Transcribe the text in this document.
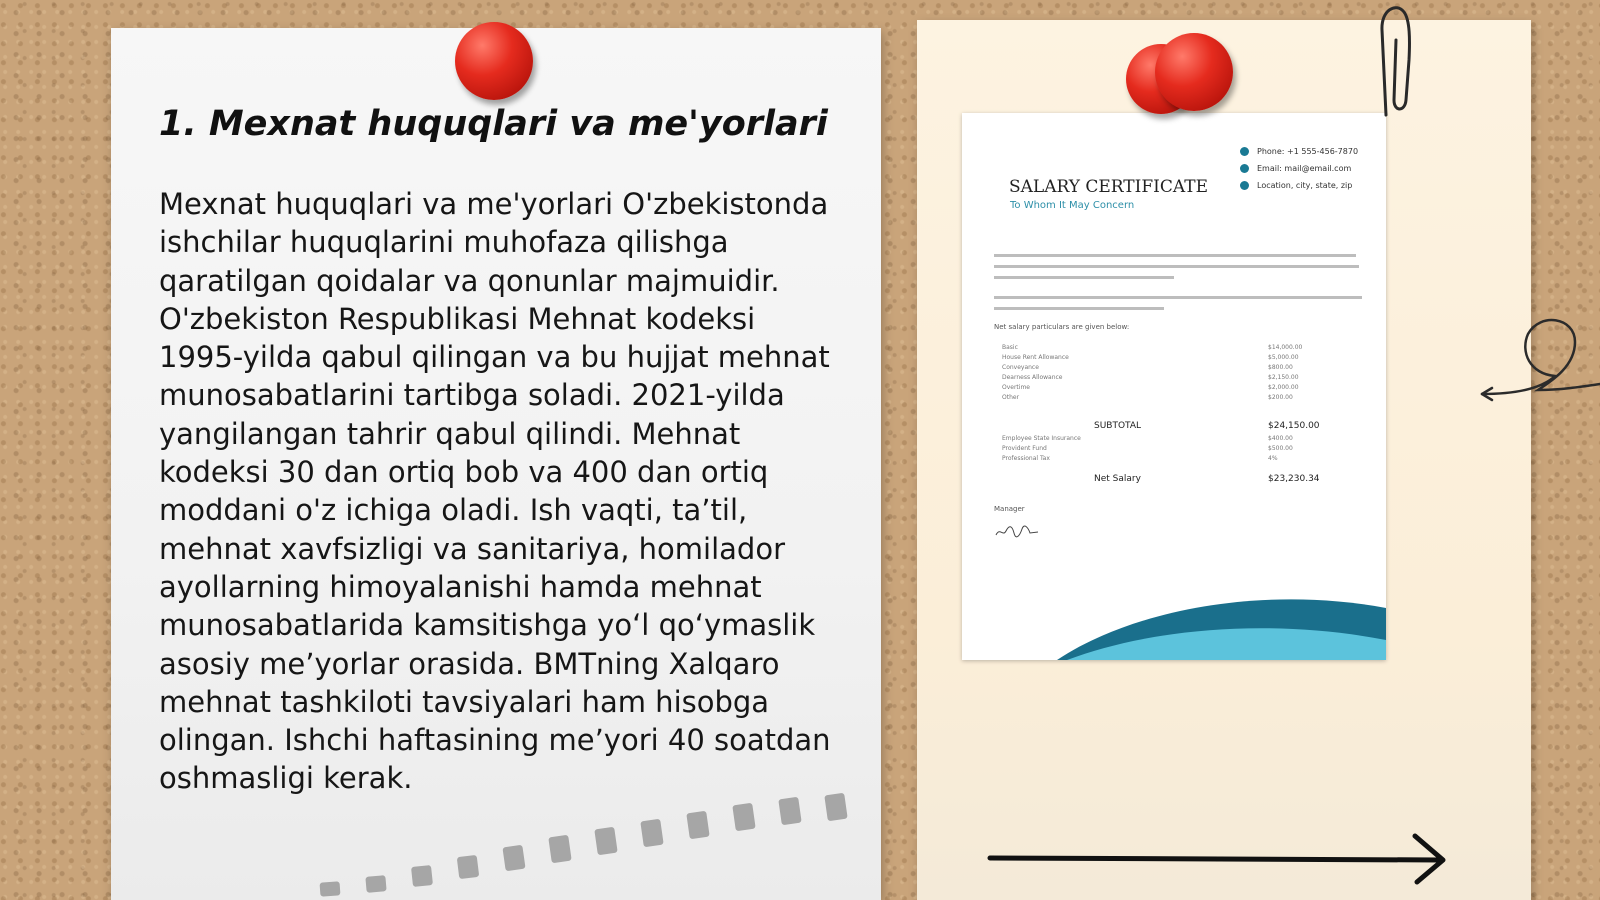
1. Mexnat huquqlari va me'yorlari

Mexnat huquqlari va me'yorlari O'zbekistonda ishchilar huquqlarini muhofaza qilishga qaratilgan qoidalar va qonunlar majmuidir. O'zbekiston Respublikasi Mehnat kodeksi 1995-yilda qabul qilingan va bu hujjat mehnat munosabatlarini tartibga soladi. 2021-yilda yangilangan tahrir qabul qilindi. Mehnat kodeksi 30 dan ortiq bob va 400 dan ortiq moddani o'z ichiga oladi. Ish vaqti, ta’til, mehnat xavfsizligi va sanitariya, homilador ayollarning himoyalanishi hamda mehnat munosabatlarida kamsitishga yo‘l qo‘ymaslik asosiy me’yorlar orasida. BMTning Xalqaro mehnat tashkiloti tavsiyalari ham hisobga olingan. Ishchi haftasining me’yori 40 soatdan oshmasligi kerak.

Phone: +1 555-456-7870
Email: mail@email.com
Location, city, state, zip
SALARY CERTIFICATE
To Whom It May Concern
Net salary particulars are given below:
Basic	$14,000.00
House Rent Allowance	$5,000.00
Conveyance	$800.00
Dearness Allowance	$2,150.00
Overtime	$2,000.00
Other	$200.00
SUBTOTAL	$24,150.00
Employee State Insurance	$400.00
Provident Fund	$500.00
Professional Tax	4%
Net Salary	$23,230.34
Manager
